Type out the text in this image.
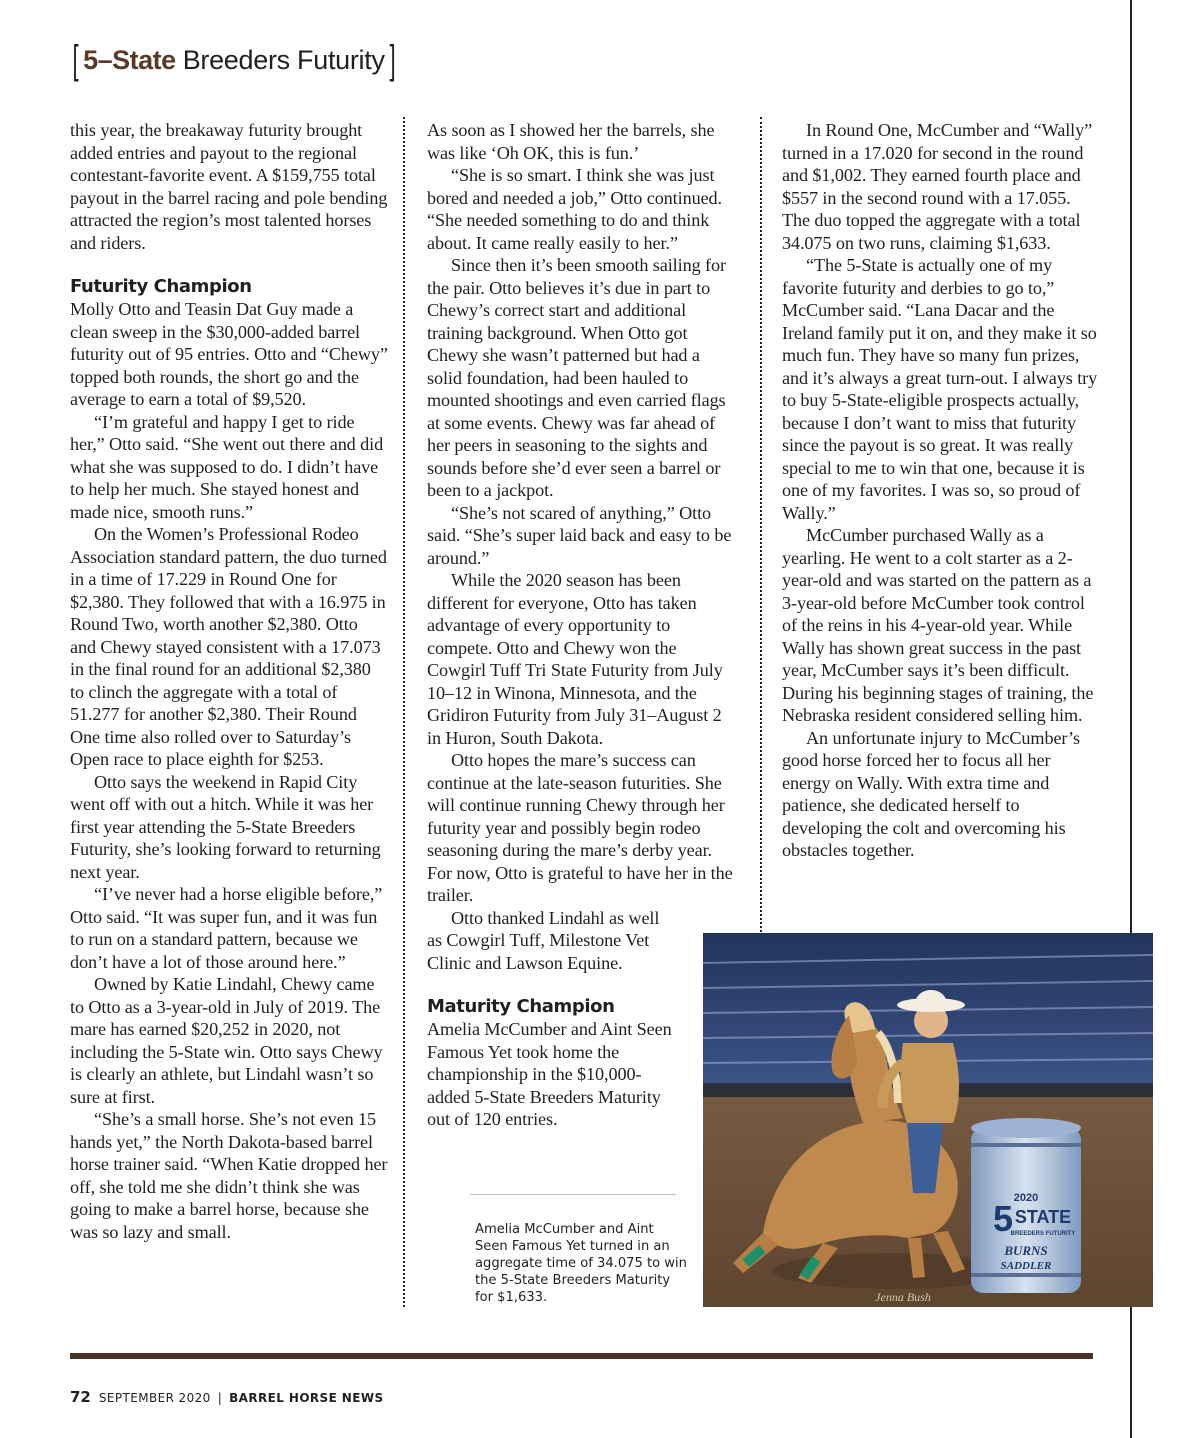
[ 5–State Breeders Futurity ]

this year, the breakaway futurity brought added entries and payout to the regional contestant-favorite event. A $159,755 total payout in the barrel racing and pole bending attracted the region’s most talented horses and riders.

Futurity Champion

Molly Otto and Teasin Dat Guy made a clean sweep in the $30,000-added barrel futurity out of 95 entries. Otto and “Chewy” topped both rounds, the short go and the average to earn a total of $9,520.

“I’m grateful and happy I get to ride her,” Otto said. “She went out there and did what she was supposed to do. I didn’t have to help her much. She stayed honest and made nice, smooth runs.”

On the Women’s Professional Rodeo Association standard pattern, the duo turned in a time of 17.229 in Round One for $2,380. They followed that with a 16.975 in Round Two, worth another $2,380. Otto and Chewy stayed consistent with a 17.073 in the final round for an additional $2,380 to clinch the aggregate with a total of 51.277 for another $2,380. Their Round One time also rolled over to Saturday’s Open race to place eighth for $253.

Otto says the weekend in Rapid City went off with out a hitch. While it was her first year attending the 5-State Breeders Futurity, she’s looking forward to returning next year.

“I’ve never had a horse eligible before,” Otto said. “It was super fun, and it was fun to run on a standard pattern, because we don’t have a lot of those around here.”

Owned by Katie Lindahl, Chewy came to Otto as a 3-year-old in July of 2019. The mare has earned $20,252 in 2020, not including the 5-State win. Otto says Chewy is clearly an athlete, but Lindahl wasn’t so sure at first.

“She’s a small horse. She’s not even 15 hands yet,” the North Dakota-based barrel horse trainer said. “When Katie dropped her off, she told me she didn’t think she was going to make a barrel horse, because she was so lazy and small.

As soon as I showed her the barrels, she was like ‘Oh OK, this is fun.’

“She is so smart. I think she was just bored and needed a job,” Otto continued. “She needed something to do and think about. It came really easily to her.”

Since then it’s been smooth sailing for the pair. Otto believes it’s due in part to Chewy’s correct start and additional training background. When Otto got Chewy she wasn’t patterned but had a solid foundation, had been hauled to mounted shootings and even carried flags at some events. Chewy was far ahead of her peers in seasoning to the sights and sounds before she’d ever seen a barrel or been to a jackpot.

“She’s not scared of anything,” Otto said. “She’s super laid back and easy to be around.”

While the 2020 season has been different for everyone, Otto has taken advantage of every opportunity to compete. Otto and Chewy won the Cowgirl Tuff Tri State Futurity from July 10–12 in Winona, Minnesota, and the Gridiron Futurity from July 31–August 2 in Huron, South Dakota.

Otto hopes the mare’s success can continue at the late-season futurities. She will continue running Chewy through her futurity year and possibly begin rodeo seasoning during the mare’s derby year. For now, Otto is grateful to have her in the trailer.

Otto thanked Lindahl as well as Cowgirl Tuff, Milestone Vet Clinic and Lawson Equine.

Maturity Champion

Amelia McCumber and Aint Seen Famous Yet took home the championship in the $10,000-added 5-State Breeders Maturity out of 120 entries.

In Round One, McCumber and “Wally” turned in a 17.020 for second in the round and $1,002. They earned fourth place and $557 in the second round with a 17.055. The duo topped the aggregate with a total 34.075 on two runs, claiming $1,633.

“The 5-State is actually one of my favorite futurity and derbies to go to,” McCumber said. “Lana Dacar and the Ireland family put it on, and they make it so much fun. They have so many fun prizes, and it’s always a great turn-out. I always try to buy 5-State-eligible prospects actually, because I don’t want to miss that futurity since the payout is so great. It was really special to me to win that one, because it is one of my favorites. I was so, so proud of Wally.”

McCumber purchased Wally as a yearling. He went to a colt starter as a 2-year-old and was started on the pattern as a 3-year-old before McCumber took control of the reins in his 4-year-old year. While Wally has shown great success in the past year, McCumber says it’s been difficult. During his beginning stages of training, the Nebraska resident considered selling him.

An unfortunate injury to McCumber’s good horse forced her to focus all her energy on Wally. With extra time and patience, she dedicated herself to developing the colt and overcoming his obstacles together.

Amelia McCumber and Aint Seen Famous Yet turned in an aggregate time of 34.075 to win the 5-State Breeders Maturity for $1,633.
2020
5 STATE
BREEDERS FUTURITY
BURNS
SADDLER
Jenna Bush
72 SEPTEMBER 2020 | BARREL HORSE NEWS
